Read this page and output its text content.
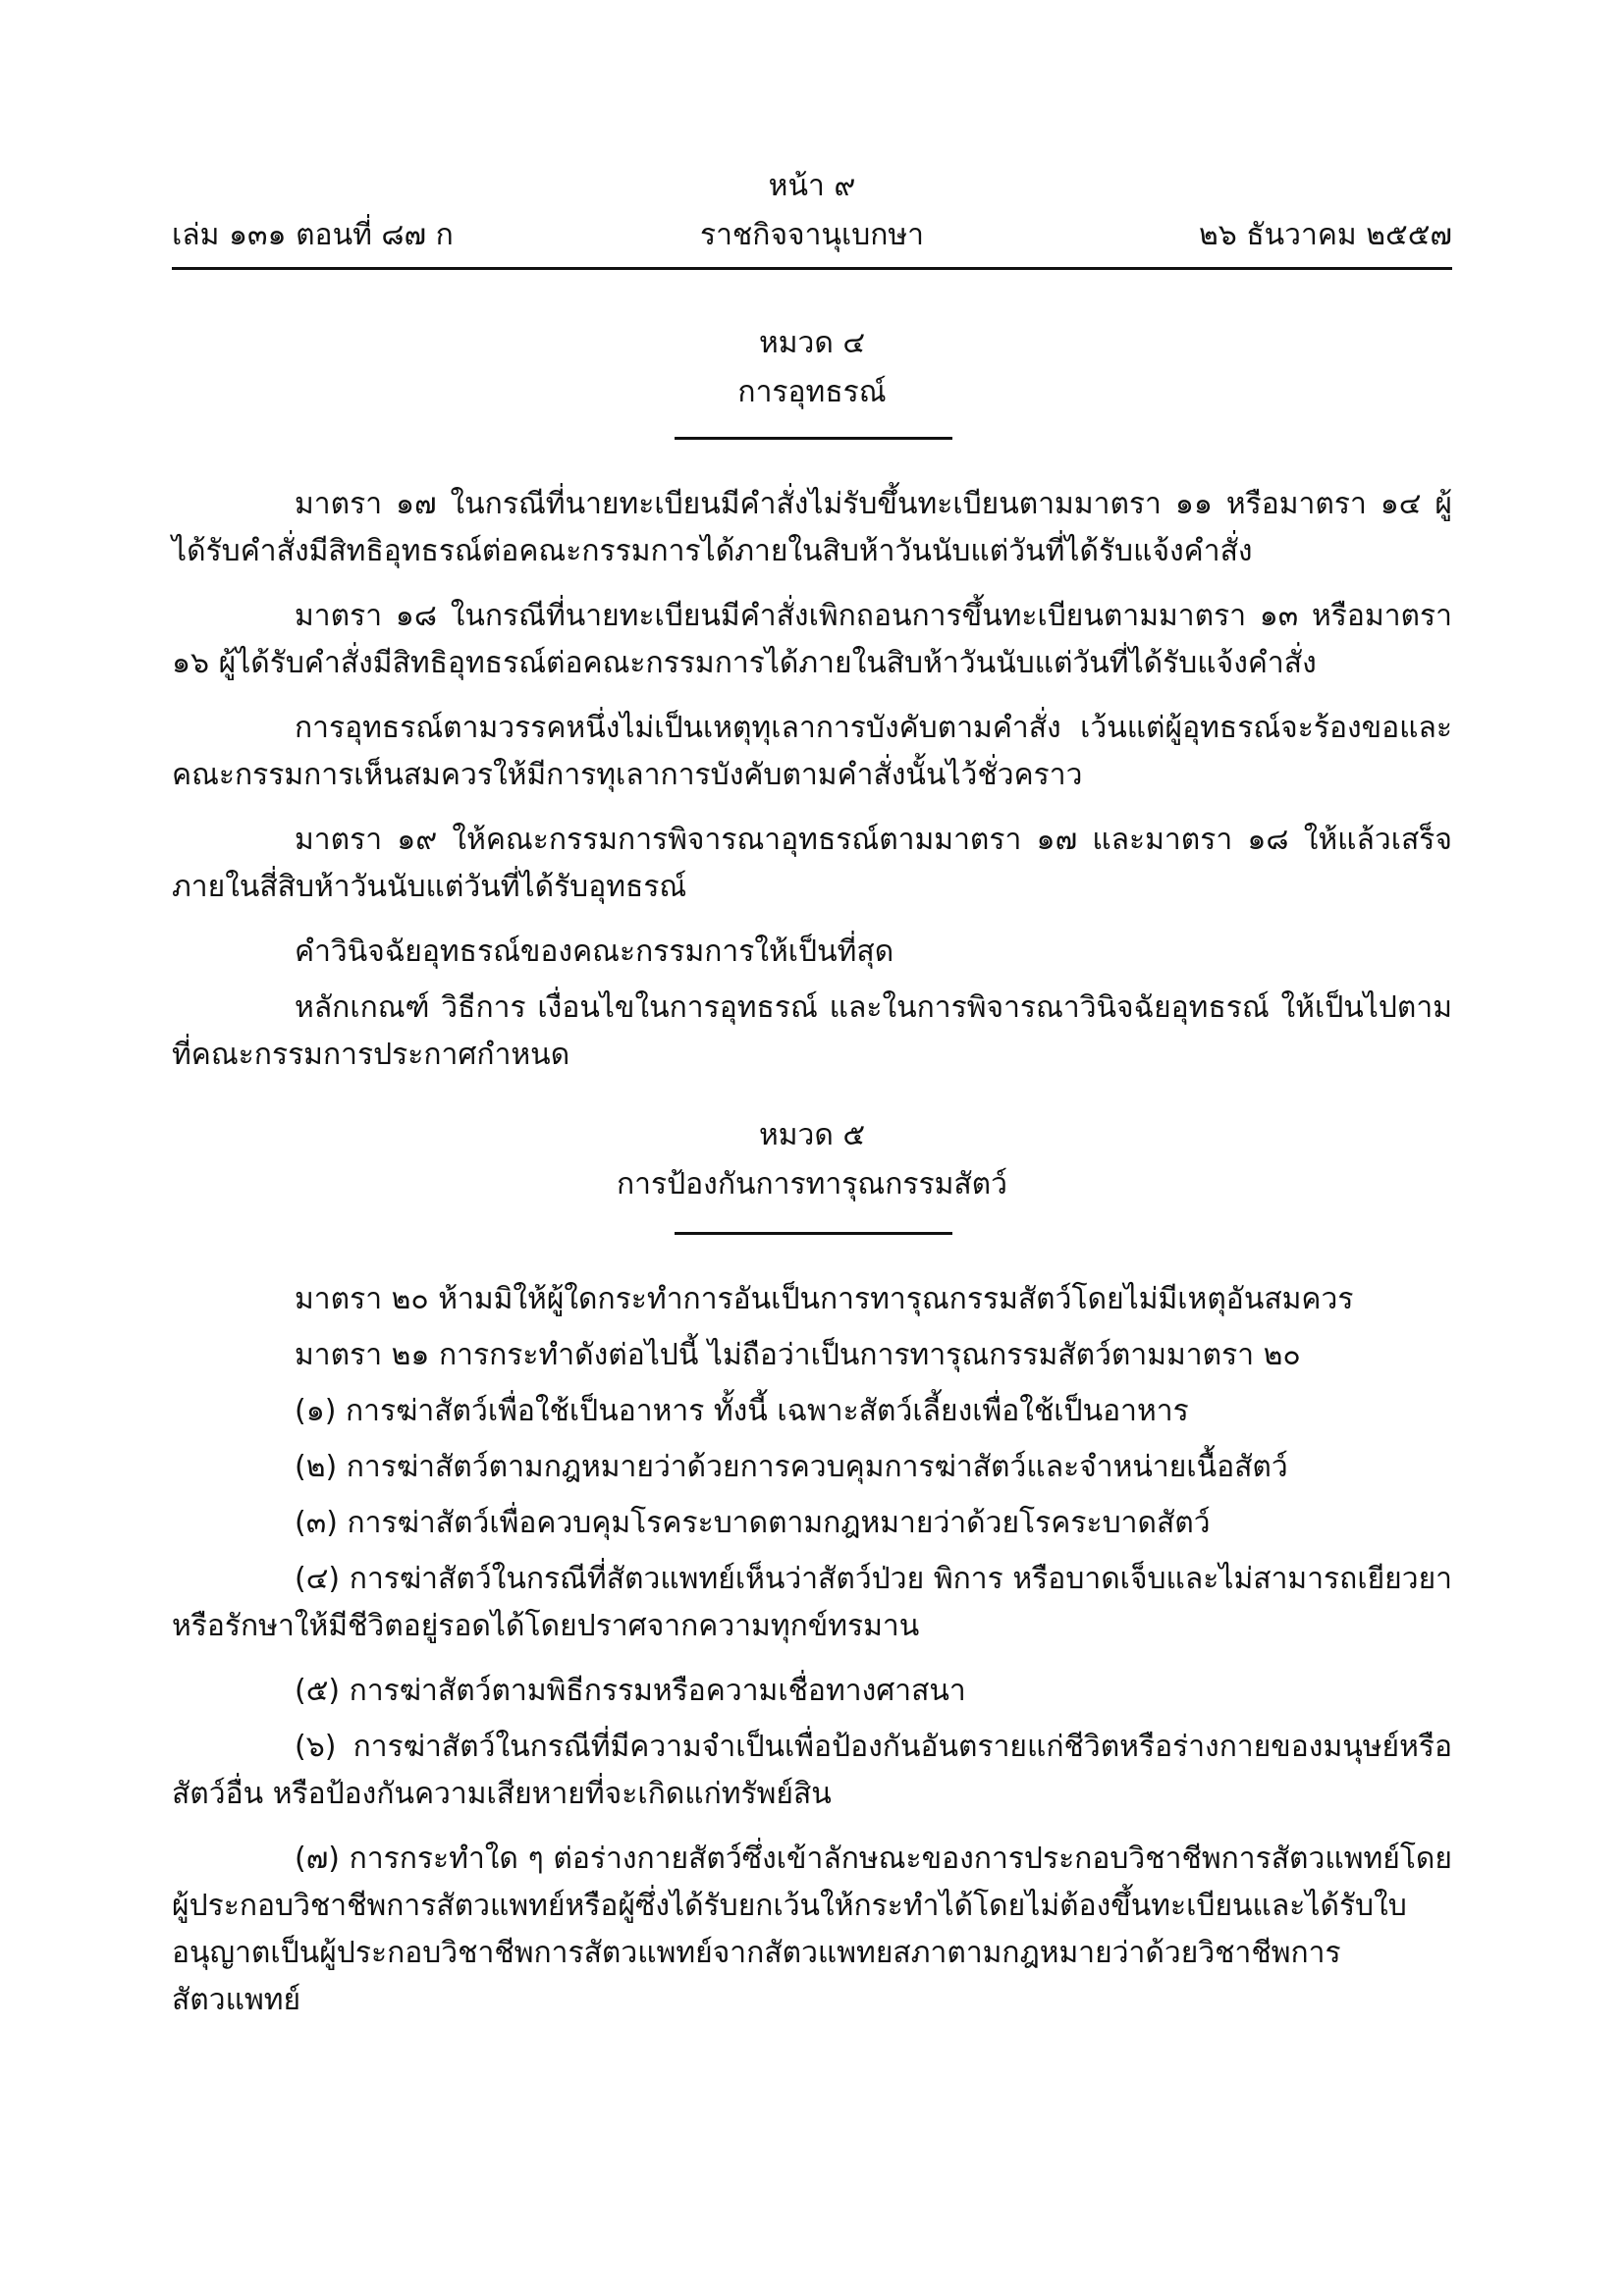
หน้า ๙
เล่ม ๑๓๑ ตอนที่ ๘๗ ก	ราชกิจจานุเบกษา	๒๖ ธันวาคม ๒๕๕๗
หมวด ๔
การอุทธรณ์
มาตรา ๑๗ ในกรณีที่นายทะเบียนมีคำสั่งไม่รับขึ้นทะเบียนตามมาตรา ๑๑ หรือมาตรา ๑๔ ผู้ได้รับคำสั่งมีสิทธิอุทธรณ์ต่อคณะกรรมการได้ภายในสิบห้าวันนับแต่วันที่ได้รับแจ้งคำสั่ง
มาตรา ๑๘ ในกรณีที่นายทะเบียนมีคำสั่งเพิกถอนการขึ้นทะเบียนตามมาตรา ๑๓ หรือมาตรา ๑๖ ผู้ได้รับคำสั่งมีสิทธิอุทธรณ์ต่อคณะกรรมการได้ภายในสิบห้าวันนับแต่วันที่ได้รับแจ้งคำสั่ง
การอุทธรณ์ตามวรรคหนึ่งไม่เป็นเหตุทุเลาการบังคับตามคำสั่ง เว้นแต่ผู้อุทธรณ์จะร้องขอและคณะกรรมการเห็นสมควรให้มีการทุเลาการบังคับตามคำสั่งนั้นไว้ชั่วคราว
มาตรา ๑๙ ให้คณะกรรมการพิจารณาอุทธรณ์ตามมาตรา ๑๗ และมาตรา ๑๘ ให้แล้วเสร็จภายในสี่สิบห้าวันนับแต่วันที่ได้รับอุทธรณ์
คำวินิจฉัยอุทธรณ์ของคณะกรรมการให้เป็นที่สุด
หลักเกณฑ์ วิธีการ เงื่อนไขในการอุทธรณ์ และในการพิจารณาวินิจฉัยอุทธรณ์ ให้เป็นไปตามที่คณะกรรมการประกาศกำหนด
หมวด ๕
การป้องกันการทารุณกรรมสัตว์
มาตรา ๒๐ ห้ามมิให้ผู้ใดกระทำการอันเป็นการทารุณกรรมสัตว์โดยไม่มีเหตุอันสมควร
มาตรา ๒๑ การกระทำดังต่อไปนี้ ไม่ถือว่าเป็นการทารุณกรรมสัตว์ตามมาตรา ๒๐
(๑) การฆ่าสัตว์เพื่อใช้เป็นอาหาร ทั้งนี้ เฉพาะสัตว์เลี้ยงเพื่อใช้เป็นอาหาร
(๒) การฆ่าสัตว์ตามกฎหมายว่าด้วยการควบคุมการฆ่าสัตว์และจำหน่ายเนื้อสัตว์
(๓) การฆ่าสัตว์เพื่อควบคุมโรคระบาดตามกฎหมายว่าด้วยโรคระบาดสัตว์
(๔) การฆ่าสัตว์ในกรณีที่สัตวแพทย์เห็นว่าสัตว์ป่วย พิการ หรือบาดเจ็บและไม่สามารถเยียวยาหรือรักษาให้มีชีวิตอยู่รอดได้โดยปราศจากความทุกข์ทรมาน
(๕) การฆ่าสัตว์ตามพิธีกรรมหรือความเชื่อทางศาสนา
(๖) การฆ่าสัตว์ในกรณีที่มีความจำเป็นเพื่อป้องกันอันตรายแก่ชีวิตหรือร่างกายของมนุษย์หรือสัตว์อื่น หรือป้องกันความเสียหายที่จะเกิดแก่ทรัพย์สิน
(๗) การกระทำใด ๆ ต่อร่างกายสัตว์ซึ่งเข้าลักษณะของการประกอบวิชาชีพการสัตวแพทย์โดยผู้ประกอบวิชาชีพการสัตวแพทย์หรือผู้ซึ่งได้รับยกเว้นให้กระทำได้โดยไม่ต้องขึ้นทะเบียนและได้รับใบอนุญาตเป็นผู้ประกอบวิชาชีพการสัตวแพทย์จากสัตวแพทยสภาตามกฎหมายว่าด้วยวิชาชีพการสัตวแพทย์
